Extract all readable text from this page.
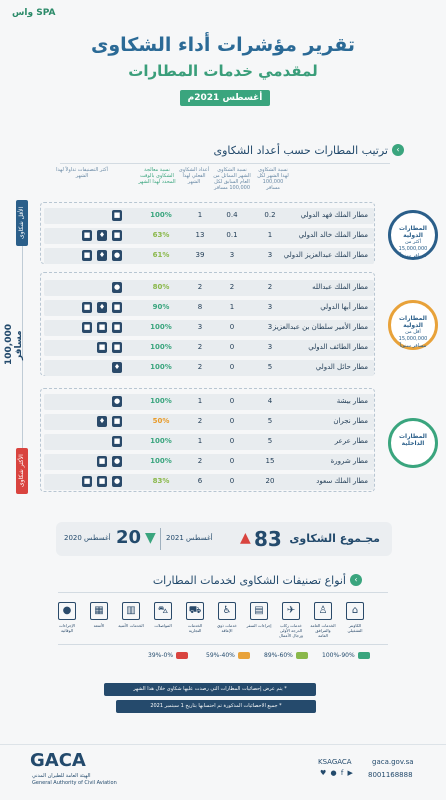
واس SPA
تقرير مؤشرات أداء الشكاوى
لمقدمي خدمات المطارات
أغسطس 2021م
‹
ترتيب المطارات حسب أعداد الشكاوى
نسبة الشكاوى لهذا الشهر لكل 100,000 مسافر
نسبة الشكاوى الشهر المماثل من العام السابق لكل 100,000 مسافر
أعداد الشكاوى الفعلي لهذا الشهر
نسبة معالجة الشكاوى بالوقت المحدد لهذا الشهر
أكثر التصنيفات تداولاً لهذا الشهر
الأقل شكاوى
100,000 مسافر
الأكثر شكاوى
المطارات الدولية
أكثر من 15,000,000 مسافر سنوياً
مطار الملك فهد الدولي
0.2
0.4
1
100%
■
مطار الملك خالد الدولي
1
0.1
13
63%
■ ♦ ■
مطار الملك عبدالعزيز الدولي
3
3
39
61%
■ ♦ ●
المطارات الدولية
أقل من 15,000,000 مسافر سنوياً
مطار الملك عبدالله
2
2
2
80%
●
مطار أبها الدولي
3
1
8
90%
■ ♦ ■
مطار الأمير سلطان بن عبدالعزيز
3
0
3
100%
■ ■ ■
مطار الطائف الدولي
3
0
2
100%
■ ■
مطار حائل الدولي
5
0
2
100%
♦
المطارات الداخلية
مطار بيشة
4
0
1
100%
●
مطار نجران
5
0
2
50%
♦ ■
مطار عرعر
5
0
1
100%
■
مطار شرورة
15
0
2
100%
■ ●
مطار الملك سعود
20
0
6
83%
■ ■ ●
مجـموع الشكاوى
83
▲
أغسطس 2021
▼
20
أغسطس 2020
‹
أنواع تصنيفات الشكاوى لخدمات المطارات
⌂
الكاونتر التشغيلي
♙
الخدمات العامة والمرافق العامة
✈
خدمات ركاب الدرجة الأولى ورجال الأعمال
▤
إجراءات السفر
♿
خدمات ذوي الإعاقة
⛟
الخدمات التجارية
⛍
المواصلات
▥
الخدمات الأمنية
▦
الأمتعة
●
الإجراءات الوقائية
100%-90%
89%-60%
59%-40%
39%-0%
* يتم عرض إحصائيات المطارات التي رصدت عليها شكاوى خلال هذا الشهر
* جميع الاحصائيات المذكورة تم احتسابها بتاريخ 1 سبتمبر 2021
GACA
الهيئة العامة للطيران المدني
General Authority of Civil Aviation
KSAGACA	gaca.gov.sa
8001168888
♥ ● f ▶
